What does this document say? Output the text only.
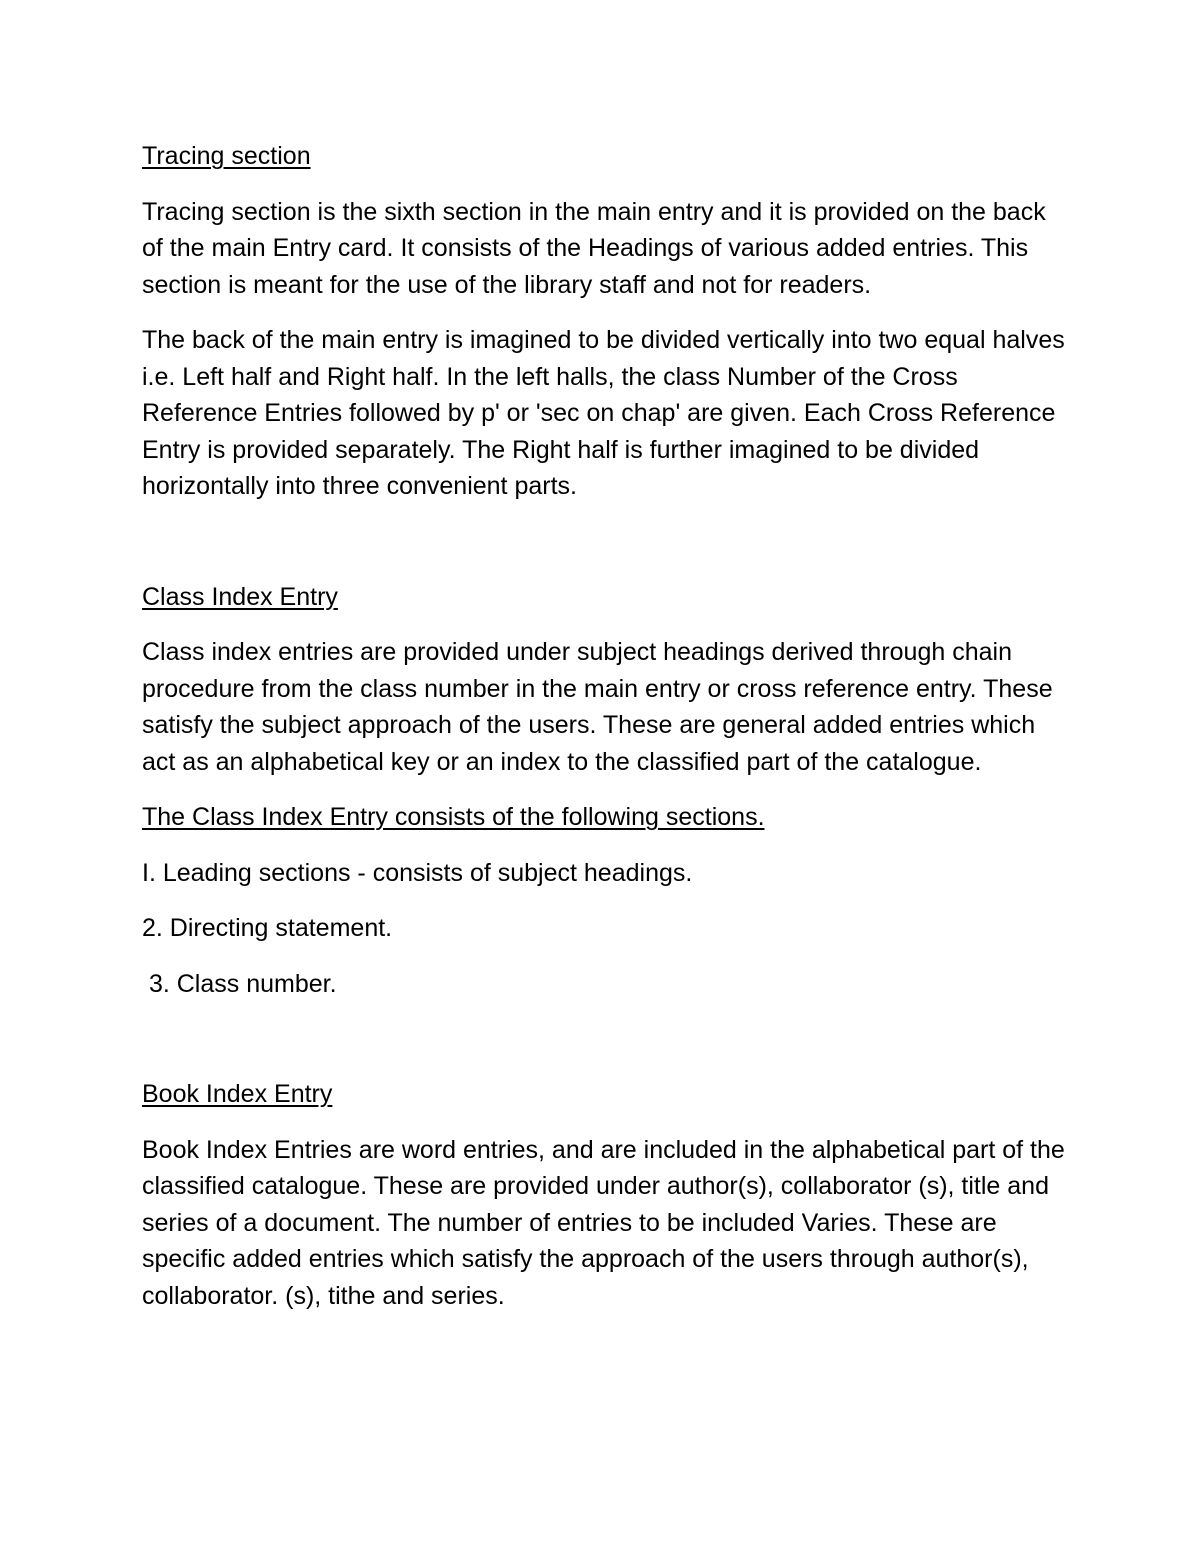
Tracing section

Tracing section is the sixth section in the main entry and it is provided on the back of the main Entry card. It consists of the Headings of various added entries. This section is meant for the use of the library staff and not for readers.

The back of the main entry is imagined to be divided vertically into two equal halves i.e. Left half and Right half. In the left halls, the class Number of the Cross Reference Entries followed by p' or 'sec on chap' are given. Each Cross Reference Entry is provided separately. The Right half is further imagined to be divided horizontally into three convenient parts.

Class Index Entry

Class index entries are provided under subject headings derived through chain procedure from the class number in the main entry or cross reference entry. These satisfy the subject approach of the users. These are general added entries which act as an alphabetical key or an index to the classified part of the catalogue.

The Class Index Entry consists of the following sections.

I. Leading sections - consists of subject headings.

2. Directing statement.

3. Class number.

Book Index Entry

Book Index Entries are word entries, and are included in the alphabetical part of the classified catalogue. These are provided under author(s), collaborator (s), title and series of a document. The number of entries to be included Varies. These are specific added entries which satisfy the approach of the users through author(s), collaborator. (s), tithe and series.
